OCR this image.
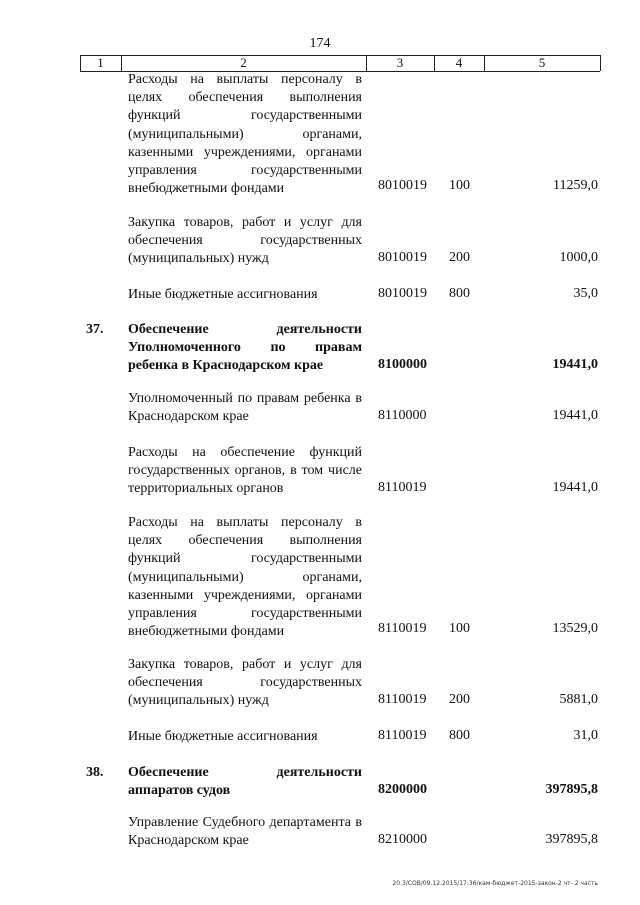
174
1	2	3	4	5
Расходы на выплаты персоналу в целях обеспечения выполнения функций государственными (муниципальными) органами, казенными учреждениями, органами управления государственными внебюджетными фондами	8010019 100	11259,0
Закупка товаров, работ и услуг для обеспечения государственных (муниципальных) нужд	8010019 200	1000,0
Иные бюджетные ассигнования	8010019 800	35,0
37. Обеспечение деятельности Уполномоченного по правам ребенка в Краснодарском крае	8100000	19441,0
Уполномоченный по правам ребенка в Краснодарском крае	8110000	19441,0
Расходы на обеспечение функций государственных органов, в том числе территориальных органов	8110019	19441,0
Расходы на выплаты персоналу в целях обеспечения выполнения функций государственными (муниципальными) органами, казенными учреждениями, органами управления государственными внебюджетными фондами	8110019 100	13529,0
Закупка товаров, работ и услуг для обеспечения государственных (муниципальных) нужд	8110019 200	5881,0
Иные бюджетные ассигнования	8110019 800	31,0
38. Обеспечение деятельности аппаратов судов	8200000	397895,8
Управление Судебного департамента в Краснодарском крае	8210000	397895,8
20.3/СОВ/09.12.2015/17:36/кам-бюджет-2015-закон-2 чт- 2 часть
